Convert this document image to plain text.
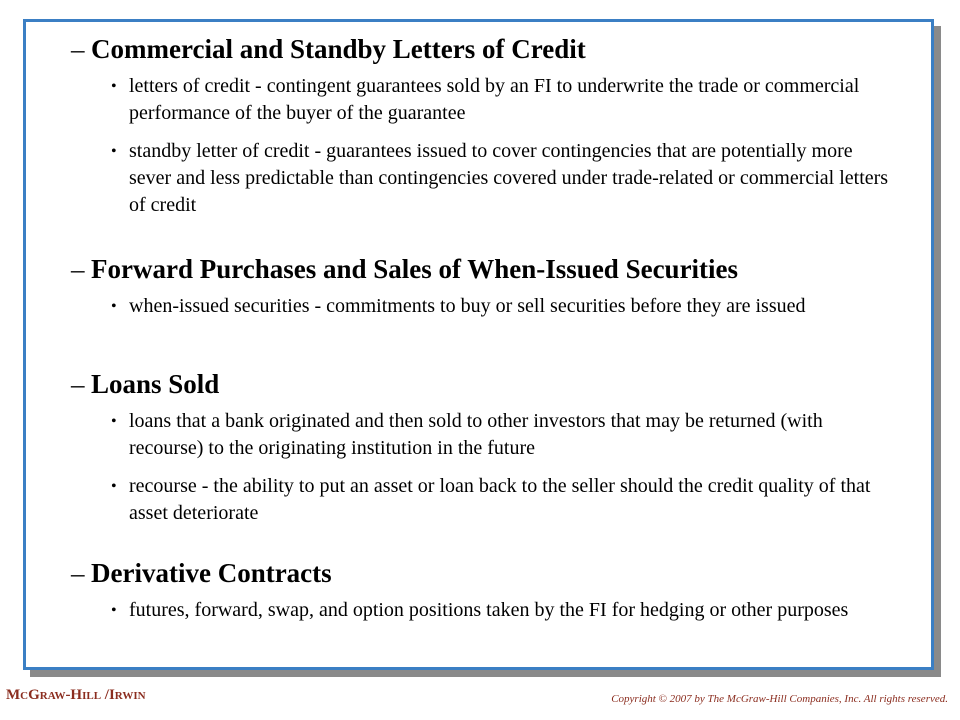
– Commercial and Standby Letters of Credit
• letters of credit - contingent guarantees sold by an FI to underwrite the trade or commercial performance of the buyer of the guarantee
• standby letter of credit - guarantees issued to cover contingencies that are potentially more sever and less predictable than contingencies covered under trade-related or commercial letters of credit
– Forward Purchases and Sales of When-Issued Securities
• when-issued securities - commitments to buy or sell securities before they are issued
– Loans Sold
• loans that a bank originated and then sold to other investors that may be returned (with recourse) to the originating institution in the future
• recourse - the ability to put an asset or loan back to the seller should the credit quality of that asset deteriorate
– Derivative Contracts
• futures, forward, swap, and option positions taken by the FI for hedging or other purposes
McGraw-Hill /Irwin	Copyright © 2007 by The McGraw-Hill Companies, Inc. All rights reserved.
